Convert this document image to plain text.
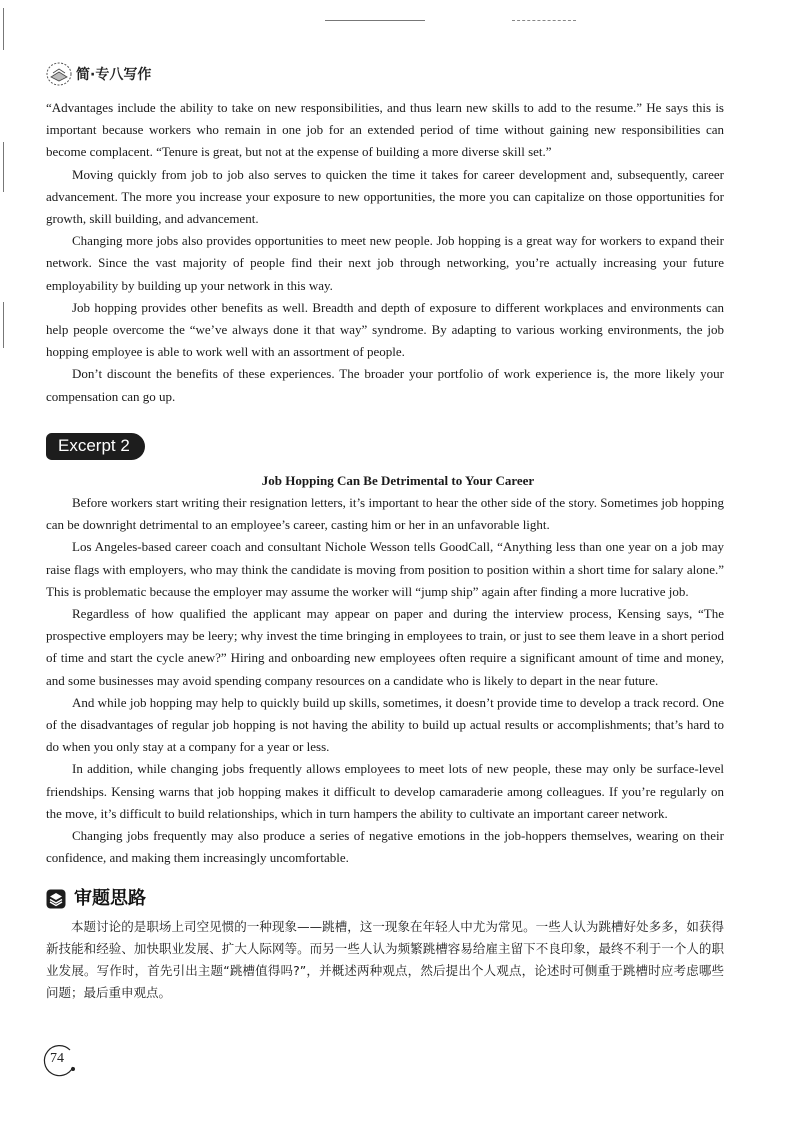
简·专八写作

“Advantages include the ability to take on new responsibilities, and thus learn new skills to add to the resume.” He says this is important because workers who remain in one job for an extended period of time without gaining new responsibilities can become complacent. “Tenure is great, but not at the expense of building a more diverse skill set.”

Moving quickly from job to job also serves to quicken the time it takes for career development and, subsequently, career advancement. The more you increase your exposure to new opportunities, the more you can capitalize on those opportunities for growth, skill building, and advancement.

Changing more jobs also provides opportunities to meet new people. Job hopping is a great way for workers to expand their network. Since the vast majority of people find their next job through networking, you’re actually increasing your future employability by building up your network in this way.

Job hopping provides other benefits as well. Breadth and depth of exposure to different workplaces and environments can help people overcome the “we’ve always done it that way” syndrome. By adapting to various working environments, the job hopping employee is able to work well with an assortment of people.

Don’t discount the benefits of these experiences. The broader your portfolio of work experience is, the more likely your compensation can go up.

Excerpt 2

Job Hopping Can Be Detrimental to Your Career

Before workers start writing their resignation letters, it’s important to hear the other side of the story. Sometimes job hopping can be downright detrimental to an employee’s career, casting him or her in an unfavorable light.

Los Angeles-based career coach and consultant Nichole Wesson tells GoodCall, “Anything less than one year on a job may raise flags with employers, who may think the candidate is moving from position to position within a short time for salary alone.” This is problematic because the employer may assume the worker will “jump ship” again after finding a more lucrative job.

Regardless of how qualified the applicant may appear on paper and during the interview process, Kensing says, “The prospective employers may be leery; why invest the time bringing in employees to train, or just to see them leave in a short period of time and start the cycle anew?” Hiring and onboarding new employees often require a significant amount of time and money, and some businesses may avoid spending company resources on a candidate who is likely to depart in the near future.

And while job hopping may help to quickly build up skills, sometimes, it doesn’t provide time to develop a track record. One of the disadvantages of regular job hopping is not having the ability to build up actual results or accomplishments; that’s hard to do when you only stay at a company for a year or less.

In addition, while changing jobs frequently allows employees to meet lots of new people, these may only be surface-level friendships. Kensing warns that job hopping makes it difficult to develop camaraderie among colleagues. If you’re regularly on the move, it’s difficult to build relationships, which in turn hampers the ability to cultivate an important career network.

Changing jobs frequently may also produce a series of negative emotions in the job-hoppers themselves, wearing on their confidence, and making them increasingly uncomfortable.

审题思路

本题讨论的是职场上司空见惯的一种现象——跳槽，这一现象在年轻人中尤为常见。一些人认为跳槽好处多多，如获得新技能和经验、加快职业发展、扩大人际网等。而另一些人认为频繁跳槽容易给雇主留下不良印象，最终不利于一个人的职业发展。写作时，首先引出主题“跳槽值得吗?”，并概述两种观点，然后提出个人观点，论述时可侧重于跳槽时应考虑哪些问题；最后重申观点。

74
